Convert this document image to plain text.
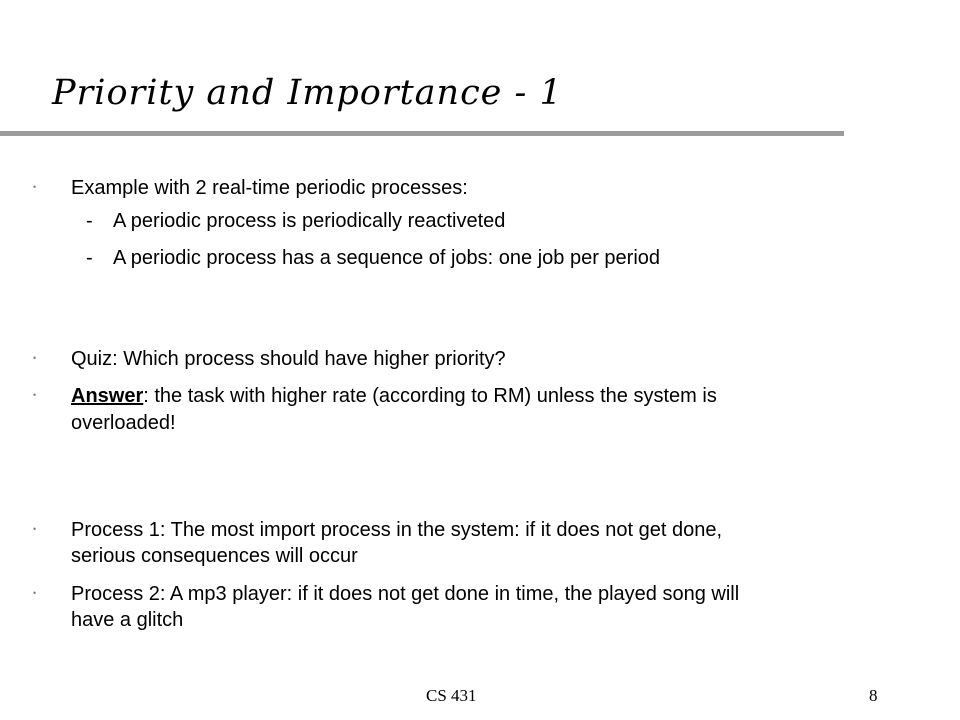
Priority and Importance - 1
• Example with 2 real-time periodic processes:
- A periodic process is periodically reactiveted
- A periodic process has a sequence of jobs: one job per period
• Quiz: Which process should have higher priority?
• Answer: the task with higher rate (according to RM) unless the system is
overloaded!
• Process 1: The most import process in the system: if it does not get done,
serious consequences will occur
• Process 2: A mp3 player: if it does not get done in time, the played song will
have a glitch
CS 431	8
